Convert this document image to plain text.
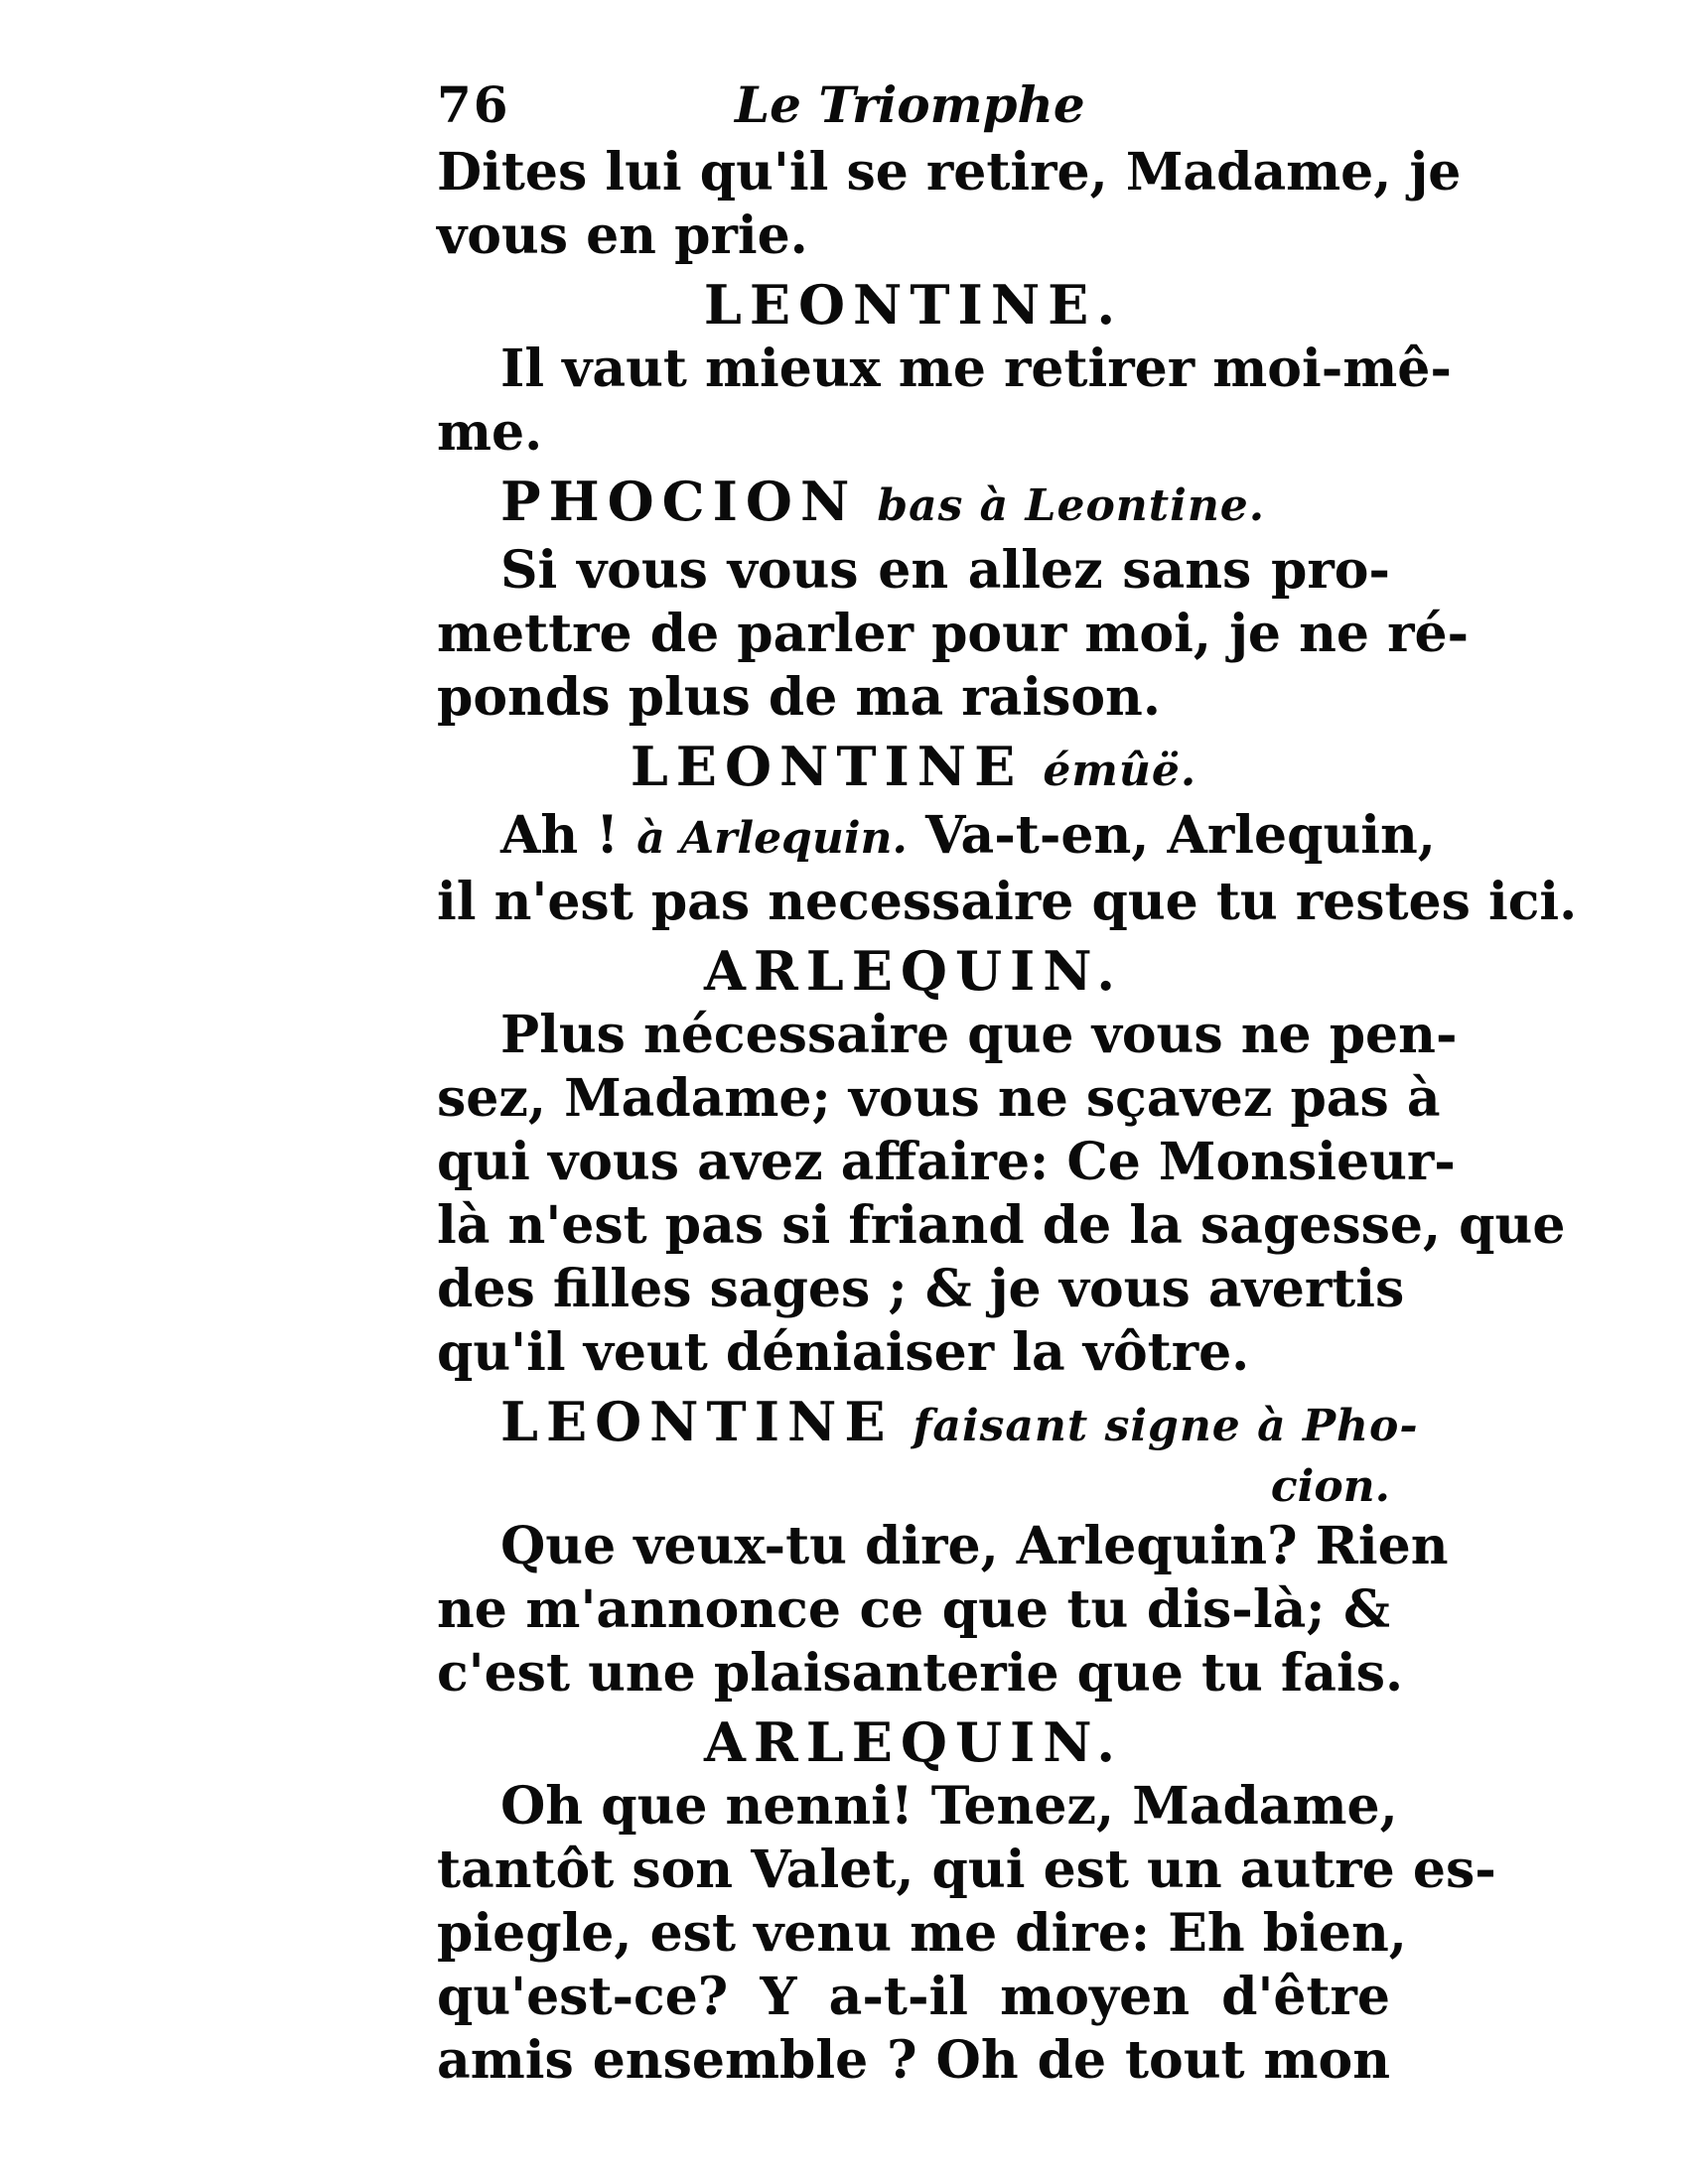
76	Le Triomphe
Dites lui qu'il se retire, Madame, je
vous en prie.
LEONTINE.
Il vaut mieux me retirer moi-mê-
me.
PHOCION bas à Leontine.
Si vous vous en allez sans pro-
mettre de parler pour moi, je ne ré-
ponds plus de ma raison.
LEONTINE émûë.
Ah ! à Arlequin. Va-t-en, Arlequin,
il n'est pas necessaire que tu restes ici.
ARLEQUIN.
Plus nécessaire que vous ne pen-
sez, Madame; vous ne sçavez pas à
qui vous avez affaire: Ce Monsieur-
là n'est pas si friand de la sagesse, que
des filles sages ; & je vous avertis
qu'il veut déniaiser la vôtre.
LEONTINE faisant signe à Pho-
cion.
Que veux-tu dire, Arlequin? Rien
ne m'annonce ce que tu dis-là; &
c'est une plaisanterie que tu fais.
ARLEQUIN.
Oh que nenni! Tenez, Madame,
tantôt son Valet, qui est un autre es-
piegle, est venu me dire: Eh bien,
qu'est-ce? Y a-t-il moyen d'être
amis ensemble ? Oh de tout mon
